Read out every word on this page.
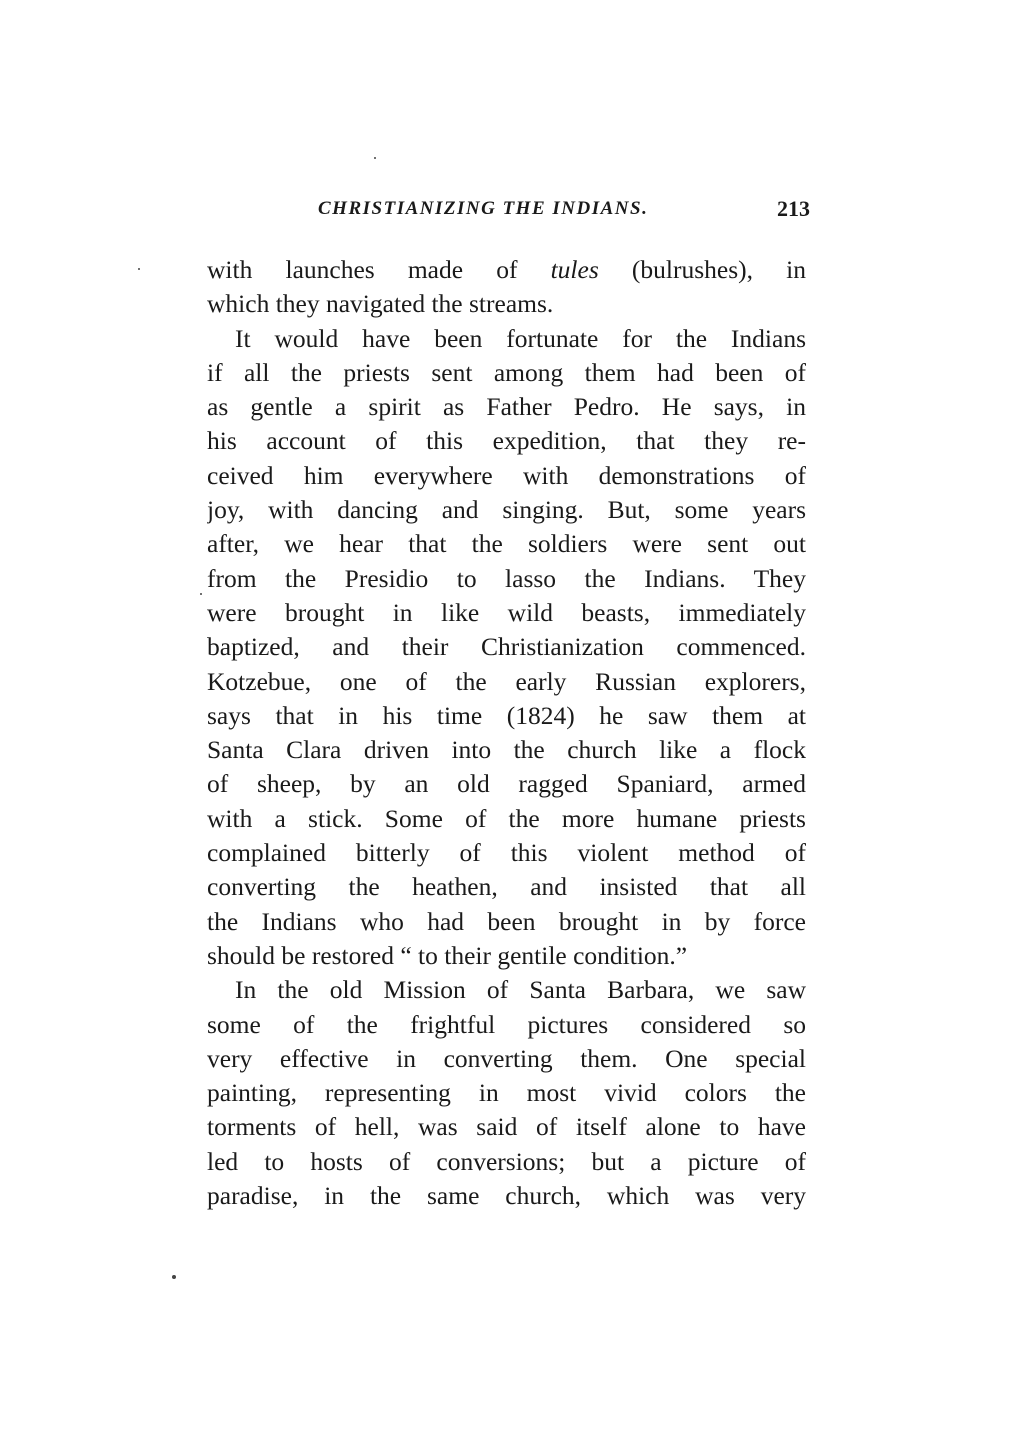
CHRISTIANIZING THE INDIANS.	213
with launches made of tules (bulrushes), in
which they navigated the streams.
It would have been fortunate for the Indians
if all the priests sent among them had been of
as gentle a spirit as Father Pedro. He says, in
his account of this expedition, that they re-
ceived him everywhere with demonstrations of
joy, with dancing and singing. But, some years
after, we hear that the soldiers were sent out
from the Presidio to lasso the Indians. They
were brought in like wild beasts, immediately
baptized, and their Christianization commenced.
Kotzebue, one of the early Russian explorers,
says that in his time (1824) he saw them at
Santa Clara driven into the church like a flock
of sheep, by an old ragged Spaniard, armed
with a stick. Some of the more humane priests
complained bitterly of this violent method of
converting the heathen, and insisted that all
the Indians who had been brought in by force
should be restored “ to their gentile condition.”
In the old Mission of Santa Barbara, we saw
some of the frightful pictures considered so
very effective in converting them. One special
painting, representing in most vivid colors the
torments of hell, was said of itself alone to have
led to hosts of conversions; but a picture of
paradise, in the same church, which was very
